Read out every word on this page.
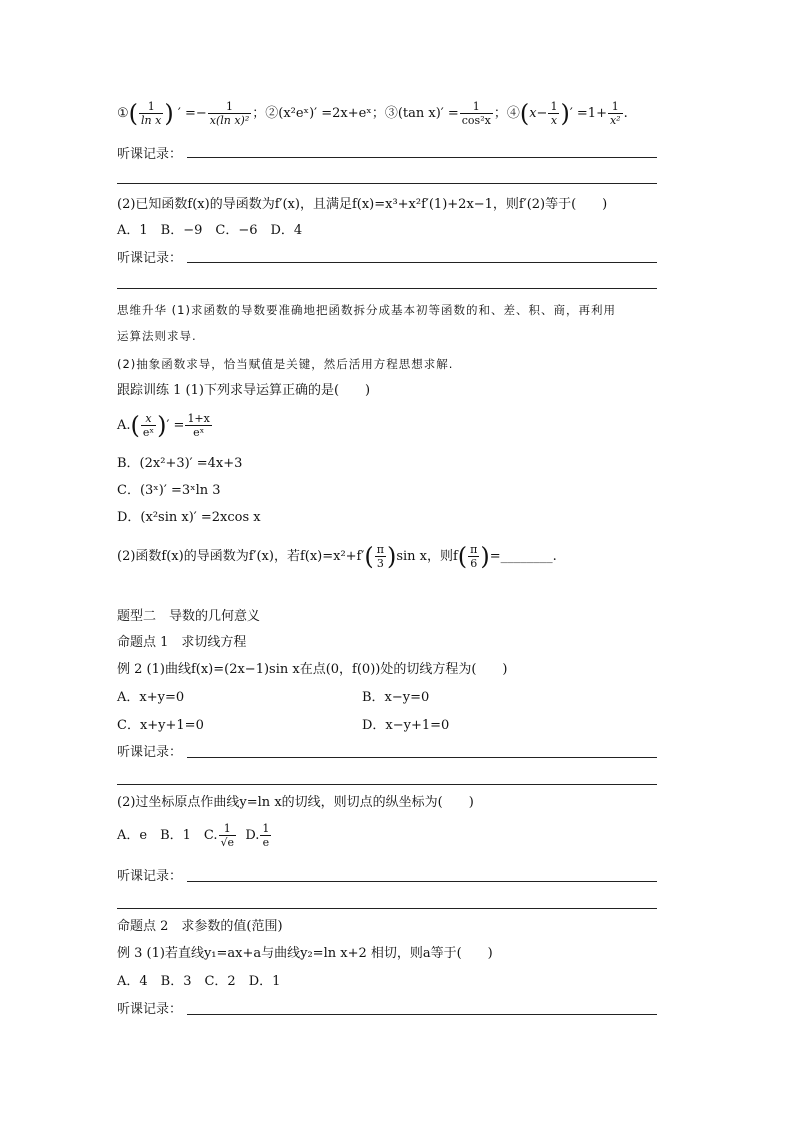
①( $\frac{1}{\text{ln x}}$ ) ′ =− $\frac{1}{\text{x(ln x)²}}$ ；②(x²eˣ)′ =2x+eˣ；③(tan $x)' = \frac{1}{\text{cos²x}}$ ；④(x− $\frac{1}{x}$ )′ $=1+ \frac{1}{\text{x²}}$ .
听课记录：
(2)已知函数f(x)的导函数为f′(x)，且满足f(x)=x³+x²f′(1)+2x−1，则f′(2)等于(　　)
A．1　B．−9　C．−6　D．4
听课记录：
思维升华 (1)求函数的导数要准确地把函数拆分成基本初等函数的和、差、积、商，再利用
运算法则求导.
(2)抽象函数求导，恰当赋值是关键，然后活用方程思想求解.
跟踪训练 1 (1)下列求导运算正确的是(　　)
$A.( \frac{x}{\text{eˣ}}$ )′ = $\frac{1+x}{\text{eˣ}}$
B．(2x²+3)′ =4x+3
C．(3ˣ)′ =3ˣln 3
D．(x²sin x)′ =2xcos x
(2)函数f(x)的导函数为f′(x)，若$f(x)=x^2+f'( \frac{\pi}{3} )\sin$ x，则$f( \frac{\pi}{6}$ )=________.
题型二　导数的几何意义
命题点 1　求切线方程
例 2 (1)曲线f(x)=(2x−1)sin x在点(0，f(0))处的切线方程为(　　)
A．x+y=0	B．x−y=0
C．x+y+1=0	D．x−y+1=0
听课记录：
(2)过坐标原点作曲线y=ln x的切线，则切点的纵坐标为(　　)
A．e　B．1　C. $\frac{1}{√e} D$. $\frac{1}{e}$
听课记录：
命题点 2　求参数的值(范围)
例 3 (1)若直线y₁=ax+a与曲线y₂=ln x+2 相切，则a等于(　　)
A．4　B．3　C．2　D．1
听课记录：
